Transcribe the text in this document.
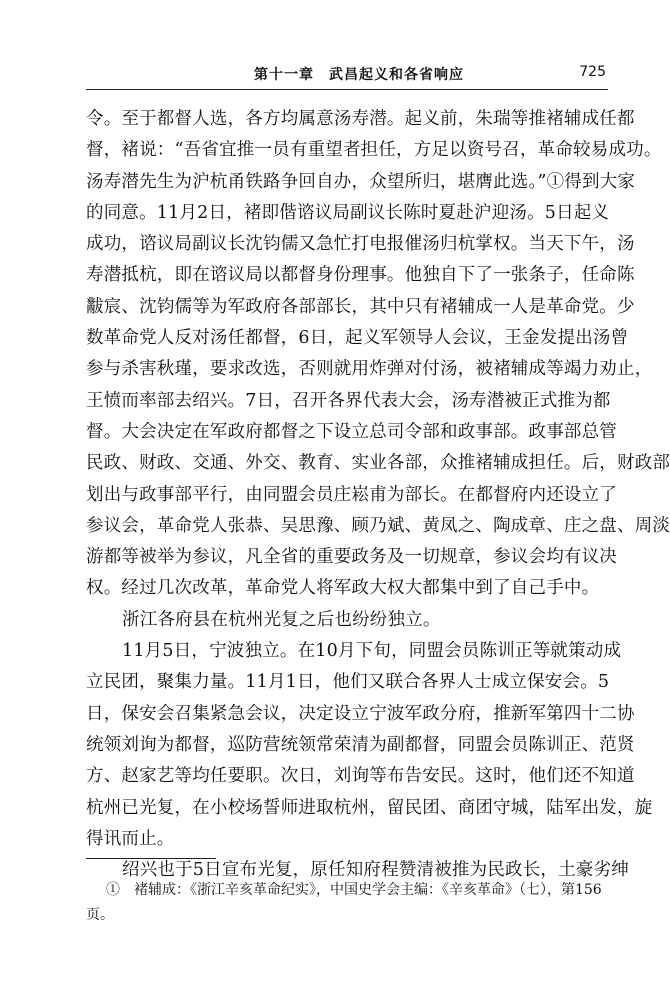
第十一章　武昌起义和各省响应	725
令。至于都督人选，各方均属意汤寿潜。起义前，朱瑞等推褚辅成任都
督，褚说：“吾省宜推一员有重望者担任，方足以资号召，革命较易成功。
汤寿潜先生为沪杭甬铁路争回自办，众望所归，堪膺此选。”①得到大家
的同意。11月2日，褚即偕谘议局副议长陈时夏赴沪迎汤。5日起义
成功，谘议局副议长沈钧儒又急忙打电报催汤归杭掌权。当天下午，汤
寿潜抵杭，即在谘议局以都督身份理事。他独自下了一张条子，任命陈
黻宸、沈钧儒等为军政府各部部长，其中只有褚辅成一人是革命党。少
数革命党人反对汤任都督，6日，起义军领导人会议，王金发提出汤曾
参与杀害秋瑾，要求改选，否则就用炸弹对付汤，被褚辅成等竭力劝止，
王愤而率部去绍兴。7日，召开各界代表大会，汤寿潜被正式推为都
督。大会决定在军政府都督之下设立总司令部和政事部。政事部总管
民政、财政、交通、外交、教育、实业各部，众推褚辅成担任。后，财政部
划出与政事部平行，由同盟会员庄崧甫为部长。在都督府内还设立了
参议会，革命党人张恭、吴思豫、顾乃斌、黄凤之、陶成章、庄之盘、周淡
游都等被举为参议，凡全省的重要政务及一切规章，参议会均有议决
权。经过几次改革，革命党人将军政大权大都集中到了自己手中。
浙江各府县在杭州光复之后也纷纷独立。
11月5日，宁波独立。在10月下旬，同盟会员陈训正等就策动成
立民团，聚集力量。11月1日，他们又联合各界人士成立保安会。5
日，保安会召集紧急会议，决定设立宁波军政分府，推新军第四十二协
统领刘询为都督，巡防营统领常荣清为副都督，同盟会员陈训正、范贤
方、赵家艺等均任要职。次日，刘询等布告安民。这时，他们还不知道
杭州已光复，在小校场誓师进取杭州，留民团、商团守城，陆军出发，旋
得讯而止。
绍兴也于5日宣布光复，原任知府程赞清被推为民政长，土豪劣绅
①　褚辅成：《浙江辛亥革命纪实》，中国史学会主编：《辛亥革命》（七），第156
页。
